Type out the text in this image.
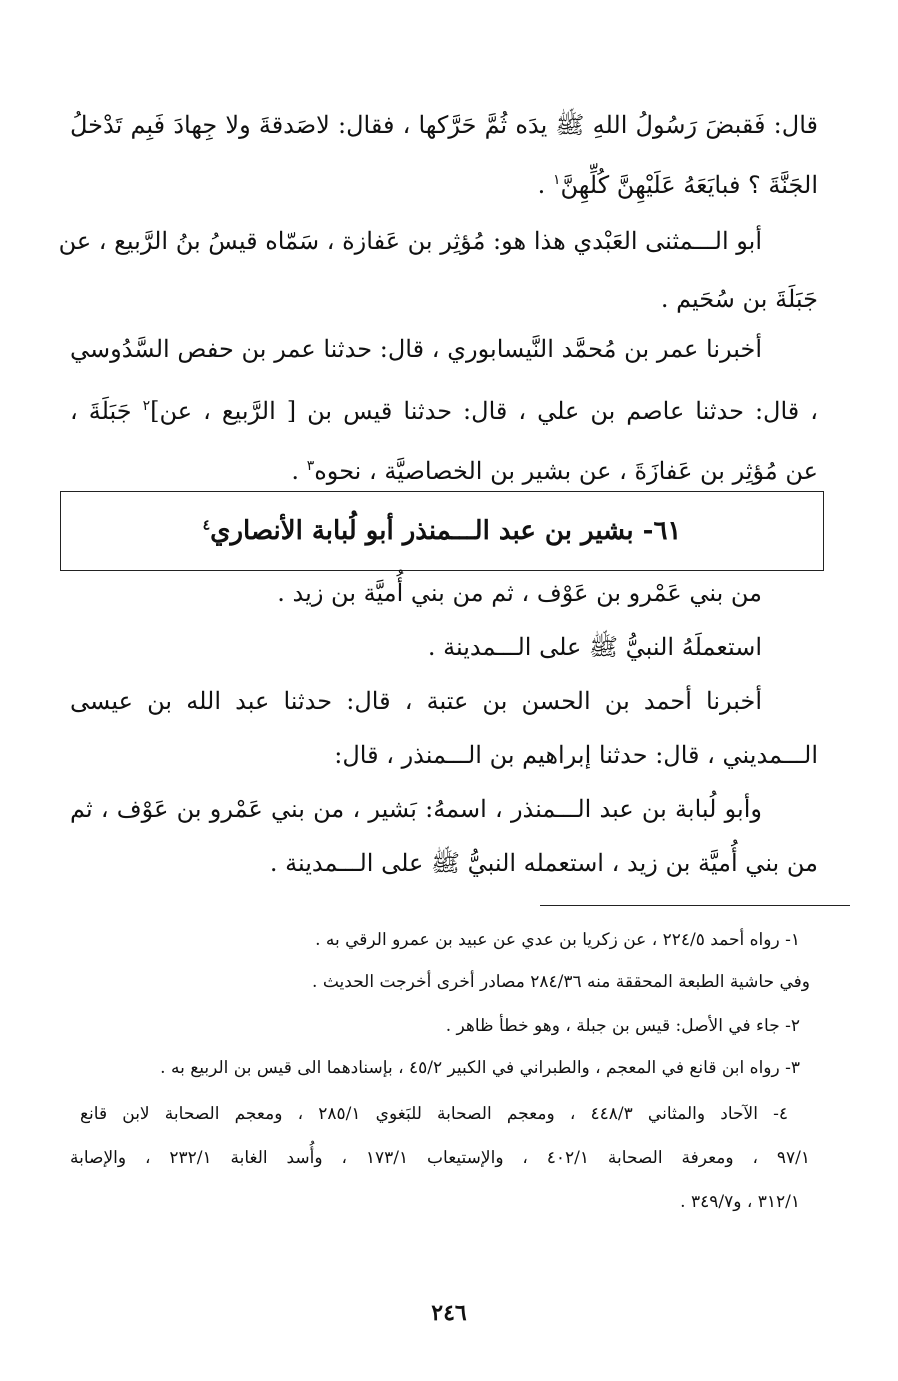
قال: فَقبضَ رَسُولُ اللهِ ﷺ يدَه ثُمَّ حَرَّكها ، فقال: لاصَدقةَ ولا جِهادَ فَبِم تَدْخلُ
الجَنَّةَ ؟ فبايَعَهُ عَلَيْهِنَّ كُلِّهِنَّ$^١$ .
أبو الـــمثنى العَبْدي هذا هو: مُؤثِر بن عَفازة ، سَمّاه قيسُ بنُ الرَّبيع ، عن
جَبَلَةَ بن سُحَيم .
أخبرنا عمر بن مُحمَّد النَّيسابوري ، قال: حدثنا عمر بن حفص السَّدُوسي
، قال: حدثنا عاصم بن علي ، قال: حدثنا قيس بن [ الرَّبيع ، عن]$^٢$ جَبَلَةَ ،
عن مُؤثِر بن عَفازَةَ ، عن بشير بن الخصاصيَّة ، نحوه$^٣$ .
٦١- بشير بن عبد الـــمنذر أبو لُبابة الأنصاري$^٤$
من بني عَمْرو بن عَوْف ، ثم من بني أُميَّة بن زيد .
استعملَهُ النبيُّ ﷺ على الـــمدينة .
أخبرنا أحمد بن الحسن بن عتبة ، قال: حدثنا عبد الله بن عيسى
الـــمديني ، قال: حدثنا إبراهيم بن الـــمنذر ، قال:
وأبو لُبابة بن عبد الـــمنذر ، اسمهُ: بَشير ، من بني عَمْرو بن عَوْف ، ثم
من بني أُميَّة بن زيد ، استعمله النبيُّ ﷺ على الـــمدينة .
١- رواه أحمد ٢٢٤/٥ ، عن زكريا بن عدي عن عبيد بن عمرو الرقي به .
وفي حاشية الطبعة المحققة منه ٢٨٤/٣٦ مصادر أخرى أخرجت الحديث .
٢- جاء في الأصل: قيس بن جبلة ، وهو خطأ ظاهر .
٣- رواه ابن قانع في المعجم ، والطبراني في الكبير ٤٥/٢ ، بإسنادهما الى قيس بن الربيع به .
٤- الآحاد والمثاني ٤٤٨/٣ ، ومعجم الصحابة للبَغوي ٢٨٥/١ ، ومعجم الصحابة لابن قانع
٩٧/١ ، ومعرفة الصحابة ٤٠٢/١ ، والإستيعاب ١٧٣/١ ، وأُسد الغابة ٢٣٢/١ ، والإصابة
٣١٢/١ ، و٣٤٩/٧ .
٢٤٦
